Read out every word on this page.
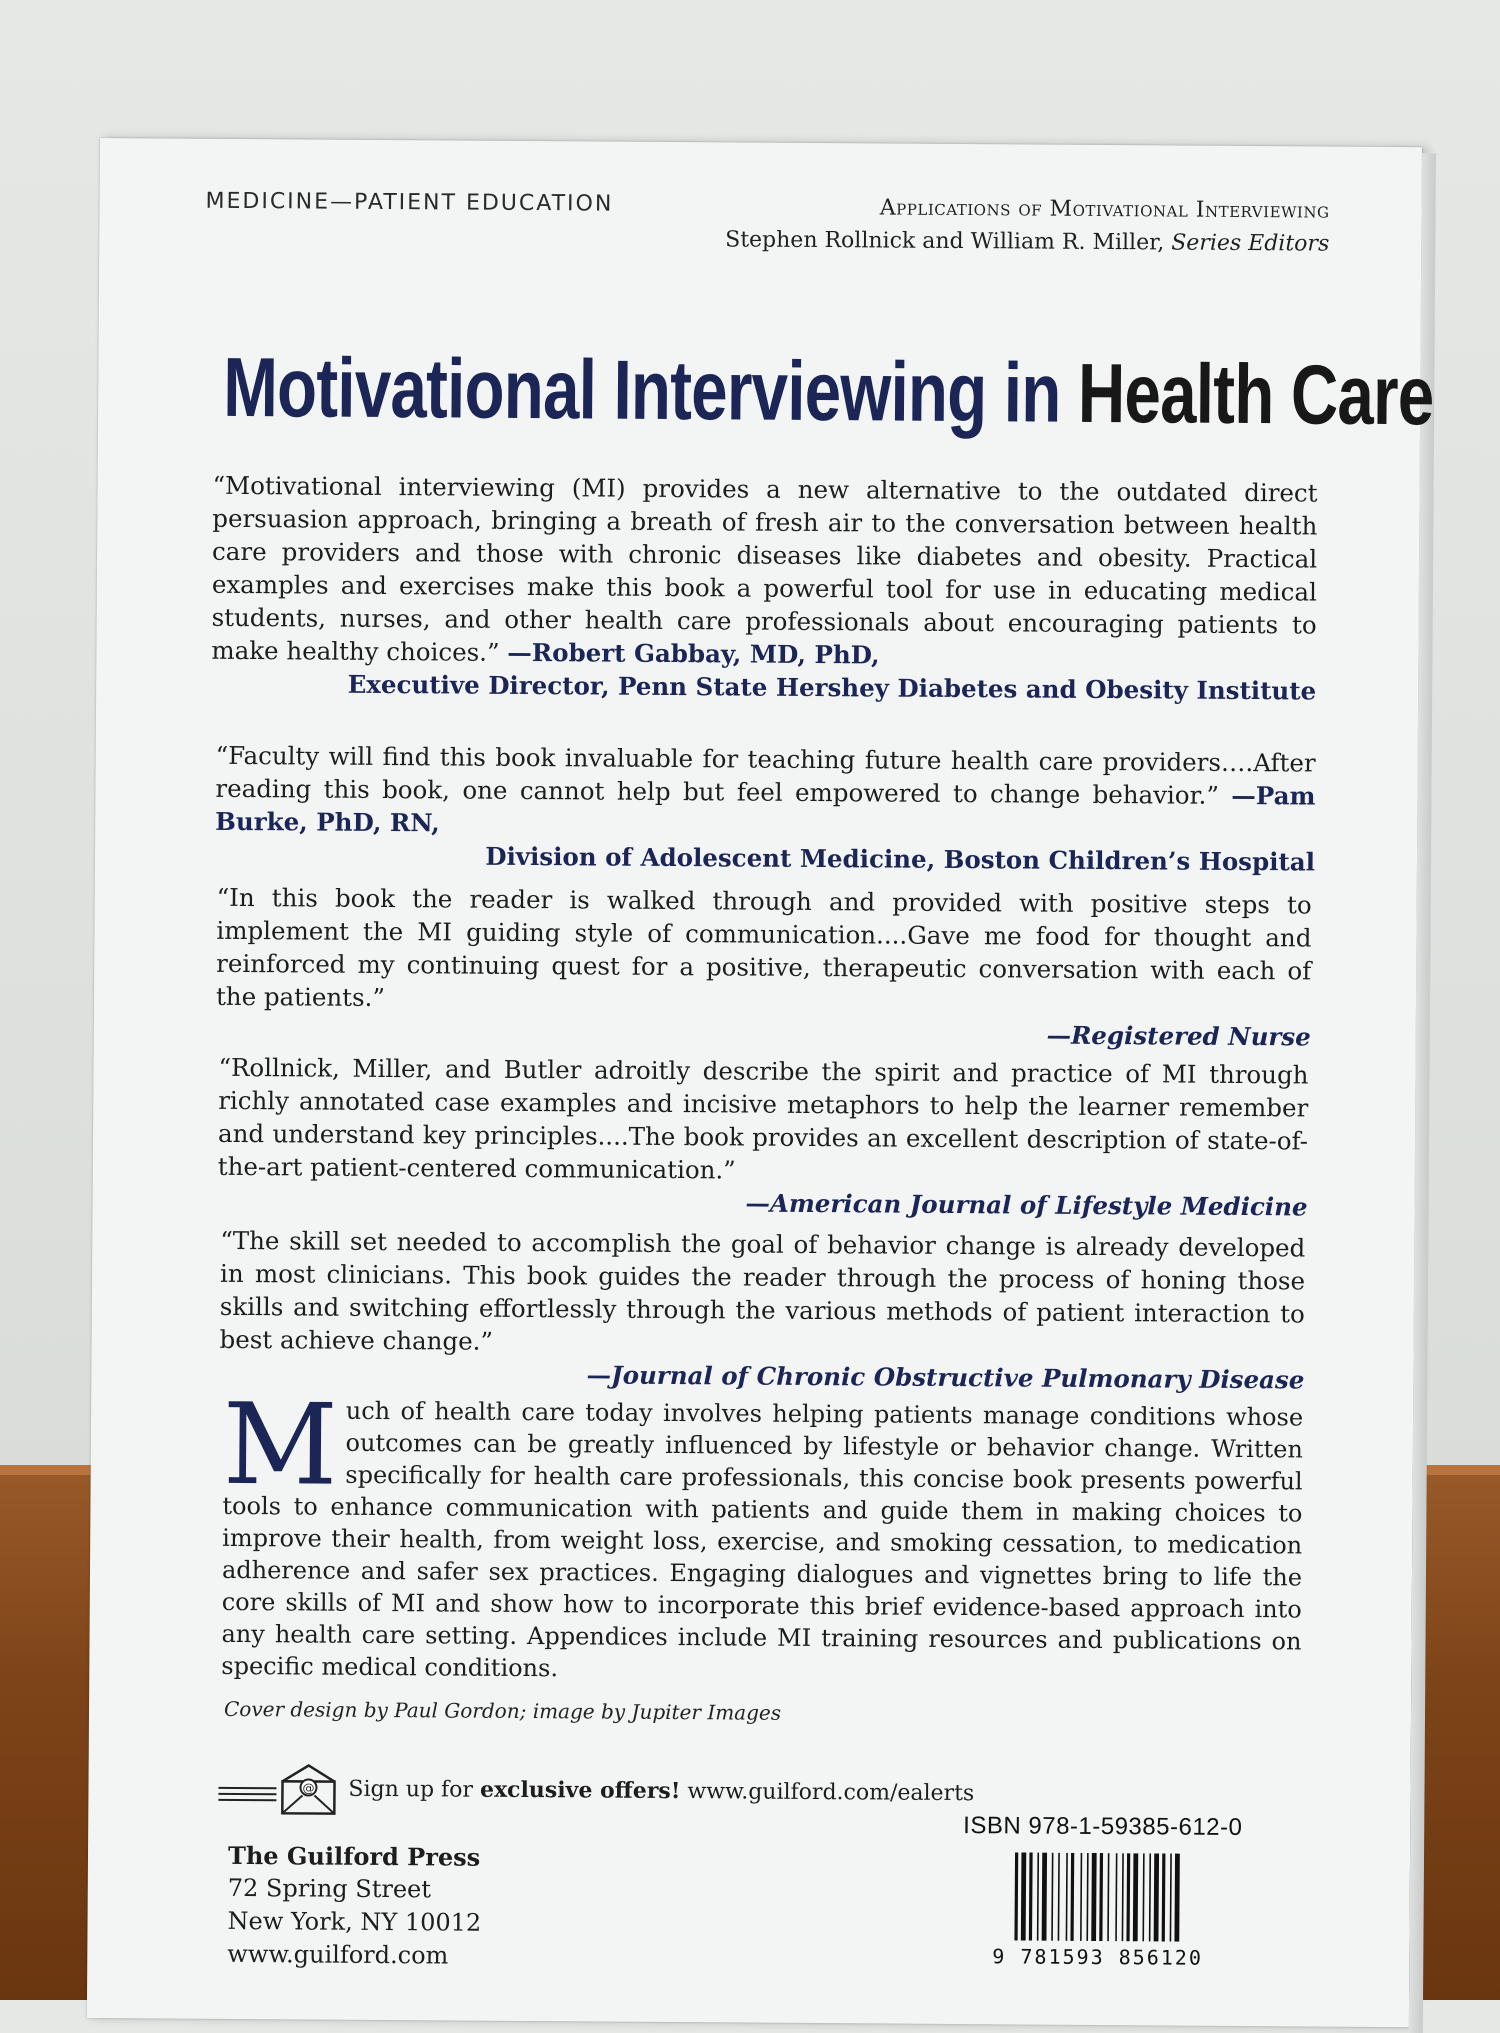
MEDICINE—PATIENT EDUCATION	Applications of Motivational Interviewing
Stephen Rollnick and William R. Miller, Series Editors
Motivational Interviewing in Health Care
“Motivational interviewing (MI) provides a new alternative to the outdated direct persuasion approach, bringing a breath of fresh air to the conversation between health care providers and those with chronic diseases like diabetes and obesity. Practical examples and exercises make this book a powerful tool for use in educating medical students, nurses, and other health care professionals about encouraging patients to make healthy choices.” —Robert Gabbay, MD, PhD,
Executive Director, Penn State Hershey Diabetes and Obesity Institute
“Faculty will find this book invaluable for teaching future health care providers….After reading this book, one cannot help but feel empowered to change behavior.” —Pam Burke, PhD, RN,
Division of Adolescent Medicine, Boston Children’s Hospital
“In this book the reader is walked through and provided with positive steps to implement the MI guiding style of communication....Gave me food for thought and reinforced my continuing quest for a positive, therapeutic conversation with each of the patients.”
—Registered Nurse
“Rollnick, Miller, and Butler adroitly describe the spirit and practice of MI through richly annotated case examples and incisive metaphors to help the learner remember and understand key principles....The book provides an excellent description of state-of-the-art patient-centered communication.”
—American Journal of Lifestyle Medicine
“The skill set needed to accomplish the goal of behavior change is already developed in most clinicians. This book guides the reader through the process of honing those skills and switching effortlessly through the various methods of patient interaction to best achieve change.”
—Journal of Chronic Obstructive Pulmonary Disease
M uch of health care today involves helping patients manage conditions whose outcomes can be greatly influenced by lifestyle or behavior change. Written specifically for health care professionals, this concise book presents powerful tools to enhance communication with patients and guide them in making choices to improve their health, from weight loss, exercise, and smoking cessation, to medication adherence and safer sex practices. Engaging dialogues and vignettes bring to life the core skills of MI and show how to incorporate this brief evidence-based approach into any health care setting. Appendices include MI training resources and publications on specific medical conditions.
Cover design by Paul Gordon; image by Jupiter Images
@ Sign up for exclusive offers! www.guilford.com/ealerts
ISBN 978-1-59385-612-0
The Guilford Press
72 Spring Street
New York, NY 10012
www.guilford.com	9 781593 856120
